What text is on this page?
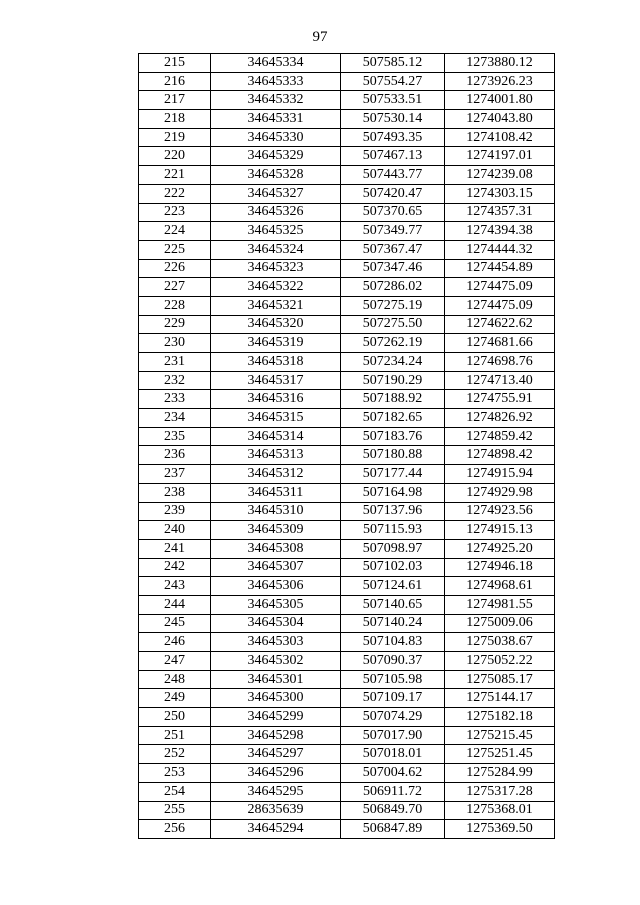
97
215	34645334	507585.12	1273880.12
216	34645333	507554.27	1273926.23
217	34645332	507533.51	1274001.80
218	34645331	507530.14	1274043.80
219	34645330	507493.35	1274108.42
220	34645329	507467.13	1274197.01
221	34645328	507443.77	1274239.08
222	34645327	507420.47	1274303.15
223	34645326	507370.65	1274357.31
224	34645325	507349.77	1274394.38
225	34645324	507367.47	1274444.32
226	34645323	507347.46	1274454.89
227	34645322	507286.02	1274475.09
228	34645321	507275.19	1274475.09
229	34645320	507275.50	1274622.62
230	34645319	507262.19	1274681.66
231	34645318	507234.24	1274698.76
232	34645317	507190.29	1274713.40
233	34645316	507188.92	1274755.91
234	34645315	507182.65	1274826.92
235	34645314	507183.76	1274859.42
236	34645313	507180.88	1274898.42
237	34645312	507177.44	1274915.94
238	34645311	507164.98	1274929.98
239	34645310	507137.96	1274923.56
240	34645309	507115.93	1274915.13
241	34645308	507098.97	1274925.20
242	34645307	507102.03	1274946.18
243	34645306	507124.61	1274968.61
244	34645305	507140.65	1274981.55
245	34645304	507140.24	1275009.06
246	34645303	507104.83	1275038.67
247	34645302	507090.37	1275052.22
248	34645301	507105.98	1275085.17
249	34645300	507109.17	1275144.17
250	34645299	507074.29	1275182.18
251	34645298	507017.90	1275215.45
252	34645297	507018.01	1275251.45
253	34645296	507004.62	1275284.99
254	34645295	506911.72	1275317.28
255	28635639	506849.70	1275368.01
256	34645294	506847.89	1275369.50
